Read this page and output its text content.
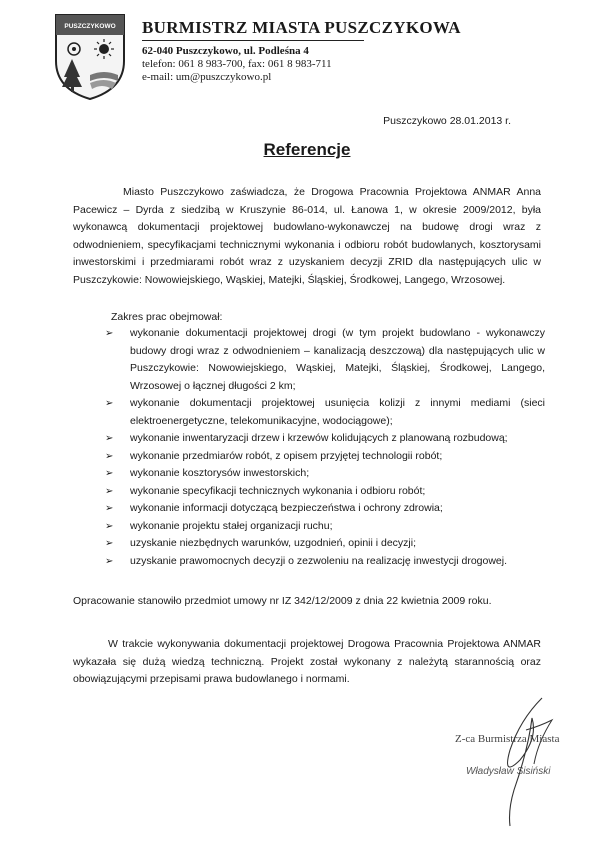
PUSZCZYKOWO BURMISTRZ MIASTA PUSZCZYKOWA
62-040 Puszczykowo, ul. Podleśna 4
telefon: 061 8 983-700, fax: 061 8 983-711
e-mail: um@puszczykowo.pl
Puszczykowo 28.01.2013 r.
Referencje
Miasto Puszczykowo zaświadcza, że Drogowa Pracownia Projektowa ANMAR Anna Pacewicz – Dyrda z siedzibą w Kruszynie 86-014, ul. Łanowa 1, w okresie 2009/2012, była wykonawcą dokumentacji projektowej budowlano-wykonawczej na budowę drogi wraz z odwodnieniem, specyfikacjami technicznymi wykonania i odbioru robót budowlanych, kosztorysami inwestorskimi i przedmiarami robót wraz z uzyskaniem decyzji ZRID dla następujących ulic w Puszczykowie: Nowowiejskiego, Wąskiej, Matejki, Śląskiej, Środkowej, Langego, Wrzosowej.
Zakres prac obejmował:
➢ wykonanie dokumentacji projektowej drogi (w tym projekt budowlano - wykonawczy budowy drogi wraz z odwodnieniem – kanalizacją deszczową) dla następujących ulic w Puszczykowie: Nowowiejskiego, Wąskiej, Matejki, Śląskiej, Środkowej, Langego, Wrzosowej o łącznej długości 2 km;
➢ wykonanie dokumentacji projektowej usunięcia kolizji z innymi mediami (sieci elektroenergetyczne, telekomunikacyjne, wodociągowe);
➢ wykonanie inwentaryzacji drzew i krzewów kolidujących z planowaną rozbudową;
➢ wykonanie przedmiarów robót, z opisem przyjętej technologii robót;
➢ wykonanie kosztorysów inwestorskich;
➢ wykonanie specyfikacji technicznych wykonania i odbioru robót;
➢ wykonanie informacji dotyczącą bezpieczeństwa i ochrony zdrowia;
➢ wykonanie projektu stałej organizacji ruchu;
➢ uzyskanie niezbędnych warunków, uzgodnień, opinii i decyzji;
➢ uzyskanie prawomocnych decyzji o zezwoleniu na realizację inwestycji drogowej.
Opracowanie stanowiło przedmiot umowy nr IZ 342/12/2009 z dnia 22 kwietnia 2009 roku.
W trakcie wykonywania dokumentacji projektowej Drogowa Pracownia Projektowa ANMAR wykazała się dużą wiedzą techniczną. Projekt został wykonany z należytą starannością oraz obowiązującymi przepisami prawa budowlanego i normami.
Z-ca Burmistrza Miasta
Władysław Sisiński
